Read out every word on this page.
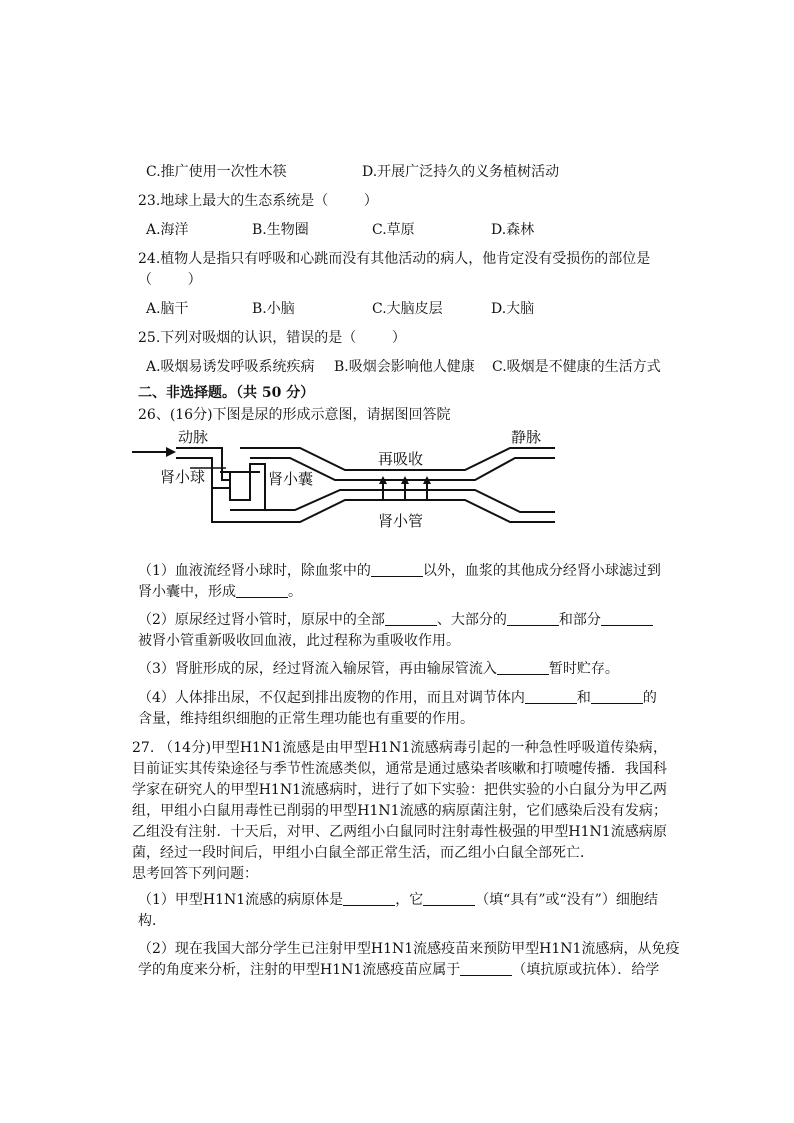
C.推广使用一次性木筷	D.开展广泛持久的义务植树活动
23.地球上最大的生态系统是（        ）
A.海洋	B.生物圈	C.草原	D.森林
24.植物人是指只有呼吸和心跳而没有其他活动的病人，他肯定没有受损伤的部位是
（        ）
A.脑干	B.小脑	C.大脑皮层	D.大脑
25.下列对吸烟的认识，错误的是（        ）
A.吸烟易诱发呼吸系统疾病 B.吸烟会影响他人健康 C.吸烟是不健康的生活方式
二、非选择题。（共 50 分）
26、(16分)下图是尿的形成示意图，请据图回答院
动脉	静脉
肾小球	肾小囊
再吸收
肾小管
（1）血液流经肾小球时，除血浆中的	以外，血浆的其他成分经肾小球滤过到
肾小囊中，形成	。
（2）原尿经过肾小管时，原尿中的全部	、大部分的	和部分
被肾小管重新吸收回血液，此过程称为重吸收作用。
（3）肾脏形成的尿，经过肾流入输尿管，再由输尿管流入	暂时贮存。
（4）人体排出尿，不仅起到排出废物的作用，而且对调节体内	和	的
含量，维持组织细胞的正常生理功能也有重要的作用。
27. （14分)甲型H1N1流感是由甲型H1N1流感病毒引起的一种急性呼吸道传染病，目前证实其传染途径与季节性流感类似，通常是通过感染者咳嗽和打喷嚏传播．我国科学家在研究人的甲型H1N1流感病时，进行了如下实验：把供实验的小白鼠分为甲乙两组，甲组小白鼠用毒性已削弱的甲型H1N1流感的病原菌注射，它们感染后没有发病；乙组没有注射．十天后，对甲、乙两组小白鼠同时注射毒性极强的甲型H1N1流感病原菌，经过一段时间后，甲组小白鼠全部正常生活，而乙组小白鼠全部死亡．
思考回答下列问题：
（1）甲型H1N1流感的病原体是	，它	（填“具有”或“没有”）细胞结
构．
（2）现在我国大部分学生已注射甲型H1N1流感疫苗来预防甲型H1N1流感病，从免疫
学的角度来分析，注射的甲型H1N1流感疫苗应属于	（填抗原或抗体）．给学
